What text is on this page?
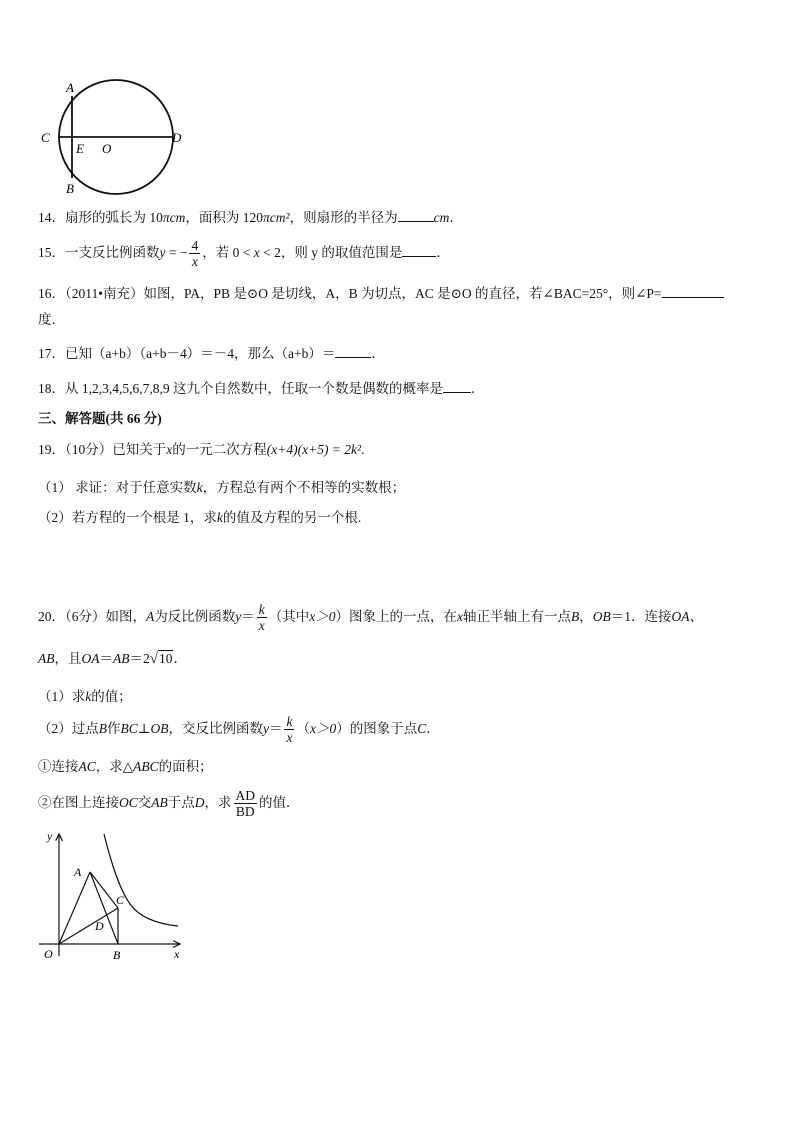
A
B
C	D
E O
14．扇形的弧长为 10πcm，面积为 120πcm²，则扇形的半径为	cm．
15．一支反比例函数y = − $\frac{4}{x}$ ，若 0 < x < 2，则 y 的取值范围是	．
16．（2011•南充）如图，PA，PB 是⊙O 是切线，A，B 为切点，AC 是⊙O 的直径，若∠BAC=25°，则∠P=
度．
17．已知（a+b）（a+b－4）＝－4，那么（a+b）＝	．
18．从 1,2,3,4,5,6,7,8,9 这九个自然数中，任取一个数是偶数的概率是 ．
三、解答题(共 66 分)
19．（10分）已知关于x的一元二次方程(x+4)(x+5) = 2k².
（1） 求证：对于任意实数k，方程总有两个不相等的实数根；
（2）若方程的一个根是 1，求k的值及方程的另一个根.
20．（6分）如图，A为反比例函数$y= \frac{k}{x}$ （其中x＞0）图象上的一点，在x轴正半轴上有一点B，OB＝1．连接OA、
AB，且OA＝AB＝2√10．
（1）求k的值；
（2）过点B作BC⊥OB，交反比例函数$y= \frac{k}{x} (x>0)$的图象于点C．
①连接AC，求△ABC的面积；
②在图上连接OC交AB于点D，求 $\frac{AD}{BD}$ 的值．
y
x
O
A
B
C
D
